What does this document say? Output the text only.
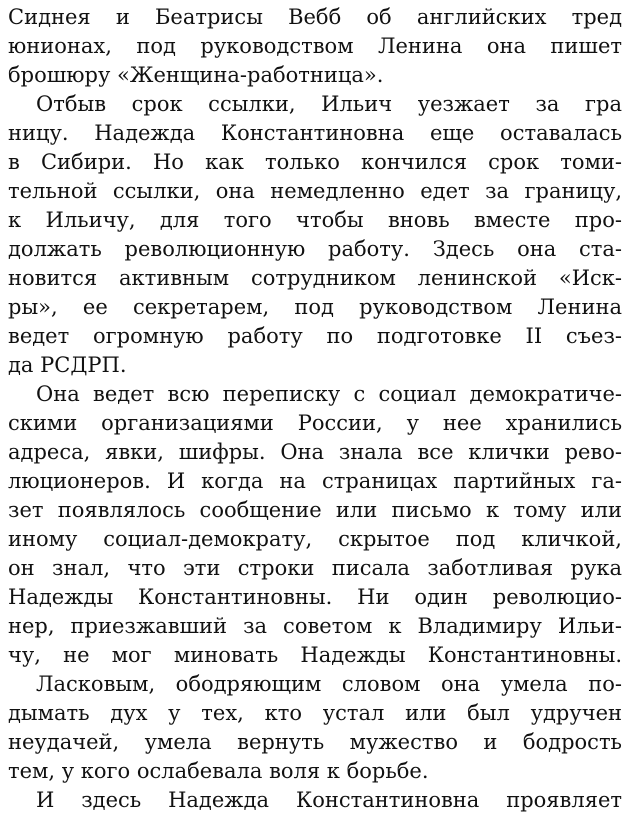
Сиднея и Беатрисы Вебб об английских тред
юнионах, под руководством Ленина она пишет
брошюру «Женщина-работница».
Отбыв срок ссылки, Ильич уезжает за гра
ницу. Надежда Константиновна еще оставалась
в Сибири. Но как только кончился срок томи-
тельной ссылки, она немедленно едет за границу,
к Ильичу, для того чтобы вновь вместе про-
должать революционную работу. Здесь она ста-
новится активным сотрудником ленинской «Иск-
ры», ее секретарем, под руководством Ленина
ведет огромную работу по подготовке II съез-
да РСДРП.
Она ведет всю переписку с социал демократиче-
скими организациями России, у нее хранились
адреса, явки, шифры. Она знала все клички рево-
люционеров. И когда на страницах партийных га-
зет появлялось сообщение или письмо к тому или
иному социал-демократу, скрытое под кличкой,
он знал, что эти строки писала заботливая рука
Надежды Константиновны. Ни один революцио-
нер, приезжавший за советом к Владимиру Ильи-
чу, не мог миновать Надежды Константиновны.
Ласковым, ободряющим словом она умела по-
дымать дух у тех, кто устал или был удручен
неудачей, умела вернуть мужество и бодрость
тем, у кого ослабевала воля к борьбе.
И здесь Надежда Константиновна проявляет
